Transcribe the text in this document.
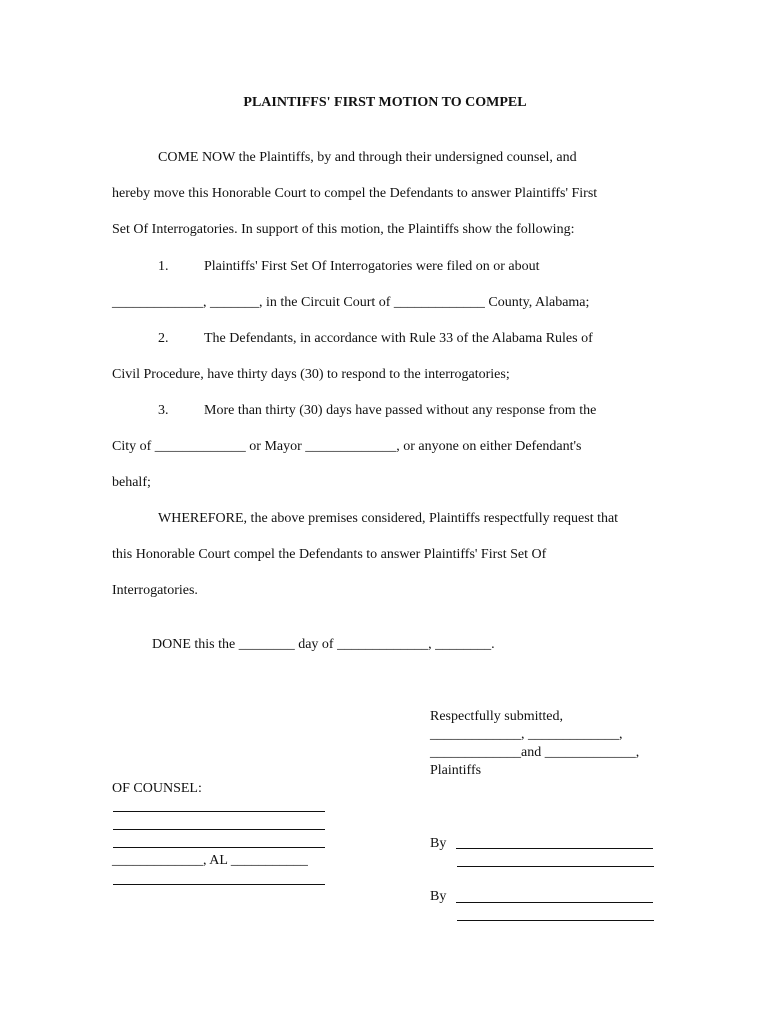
PLAINTIFFS' FIRST MOTION TO COMPEL
COME NOW the Plaintiffs, by and through their undersigned counsel, and
hereby move this Honorable Court to compel the Defendants to answer Plaintiffs' First
Set Of Interrogatories. In support of this motion, the Plaintiffs show the following:
1.	Plaintiffs' First Set Of Interrogatories were filed on or about
_____________, _______, in the Circuit Court of _____________ County, Alabama;
2.	The Defendants, in accordance with Rule 33 of the Alabama Rules of
Civil Procedure, have thirty days (30) to respond to the interrogatories;
3.	More than thirty (30) days have passed without any response from the
City of _____________ or Mayor _____________, or anyone on either Defendant's
behalf;
WHEREFORE, the above premises considered, Plaintiffs respectfully request that
this Honorable Court compel the Defendants to answer Plaintiffs' First Set Of
Interrogatories.
DONE this the ________ day of _____________, ________.
Respectfully submitted,
_____________, _____________,
_____________and _____________,
Plaintiffs
OF COUNSEL:
_____________, AL ___________
By
By
